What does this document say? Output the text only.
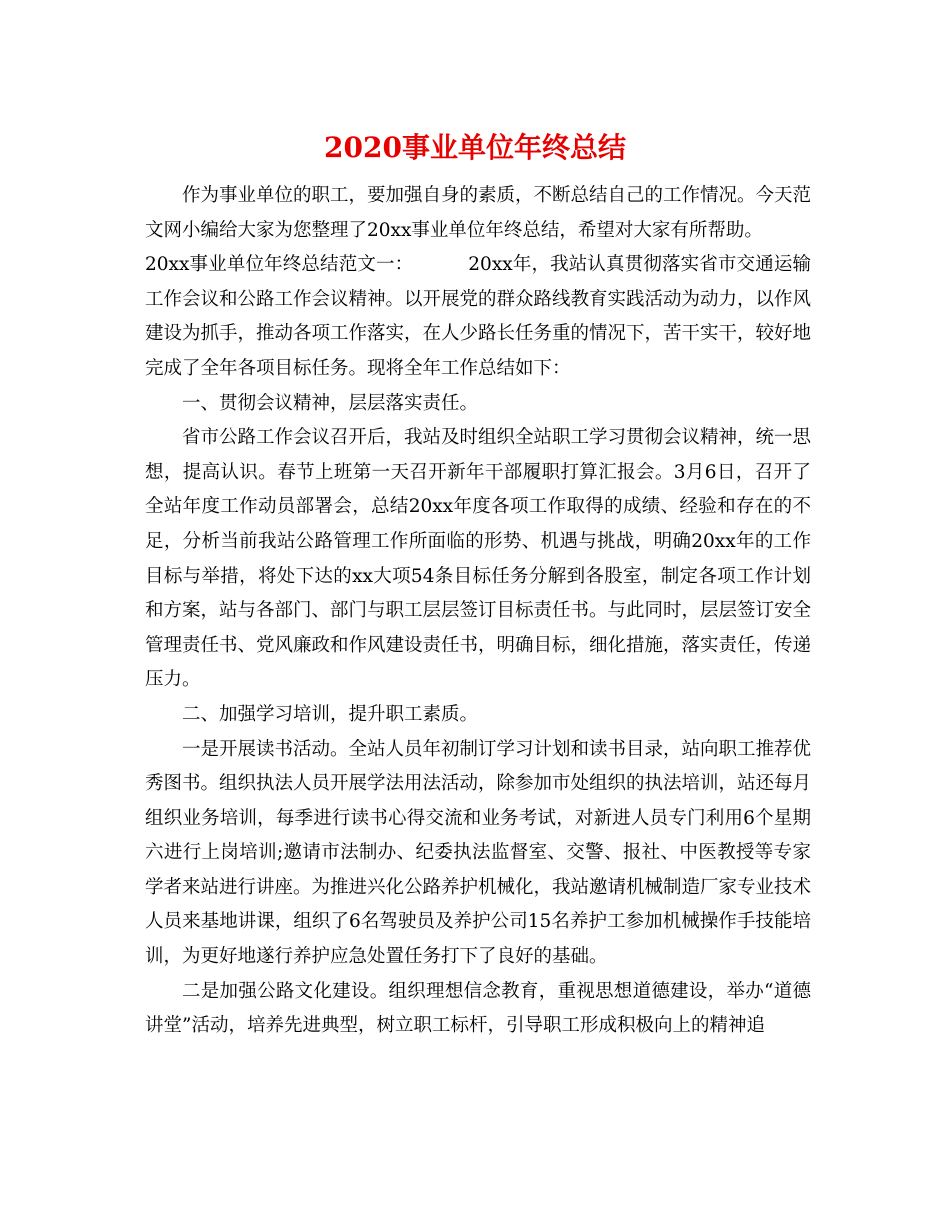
2020事业单位年终总结

作为事业单位的职工，要加强自身的素质，不断总结自己的工作情况。今天范文网小编给大家为您整理了20xx事业单位年终总结，希望对大家有所帮助。

20xx事业单位年终总结范文一：	20xx年，我站认真贯彻落实省市交通运输工作会议和公路工作会议精神。以开展党的群众路线教育实践活动为动力，以作风建设为抓手，推动各项工作落实，在人少路长任务重的情况下，苦干实干，较好地完成了全年各项目标任务。现将全年工作总结如下：

一、贯彻会议精神，层层落实责任。

省市公路工作会议召开后，我站及时组织全站职工学习贯彻会议精神，统一思想，提高认识。春节上班第一天召开新年干部履职打算汇报会。3月6日，召开了全站年度工作动员部署会，总结20xx年度各项工作取得的成绩、经验和存在的不足，分析当前我站公路管理工作所面临的形势、机遇与挑战，明确20xx年的工作目标与举措，将处下达的xx大项54条目标任务分解到各股室，制定各项工作计划和方案，站与各部门、部门与职工层层签订目标责任书。与此同时，层层签订安全管理责任书、党风廉政和作风建设责任书，明确目标，细化措施，落实责任，传递压力。

二、加强学习培训，提升职工素质。

一是开展读书活动。全站人员年初制订学习计划和读书目录，站向职工推荐优秀图书。组织执法人员开展学法用法活动，除参加市处组织的执法培训，站还每月组织业务培训，每季进行读书心得交流和业务考试，对新进人员专门利用6个星期六进行上岗培训;邀请市法制办、纪委执法监督室、交警、报社、中医教授等专家学者来站进行讲座。为推进兴化公路养护机械化，我站邀请机械制造厂家专业技术人员来基地讲课，组织了6名驾驶员及养护公司15名养护工参加机械操作手技能培训，为更好地遂行养护应急处置任务打下了良好的基础。

二是加强公路文化建设。组织理想信念教育，重视思想道德建设，举办“道德讲堂”活动，培养先进典型，树立职工标杆，引导职工形成积极向上的精神追
